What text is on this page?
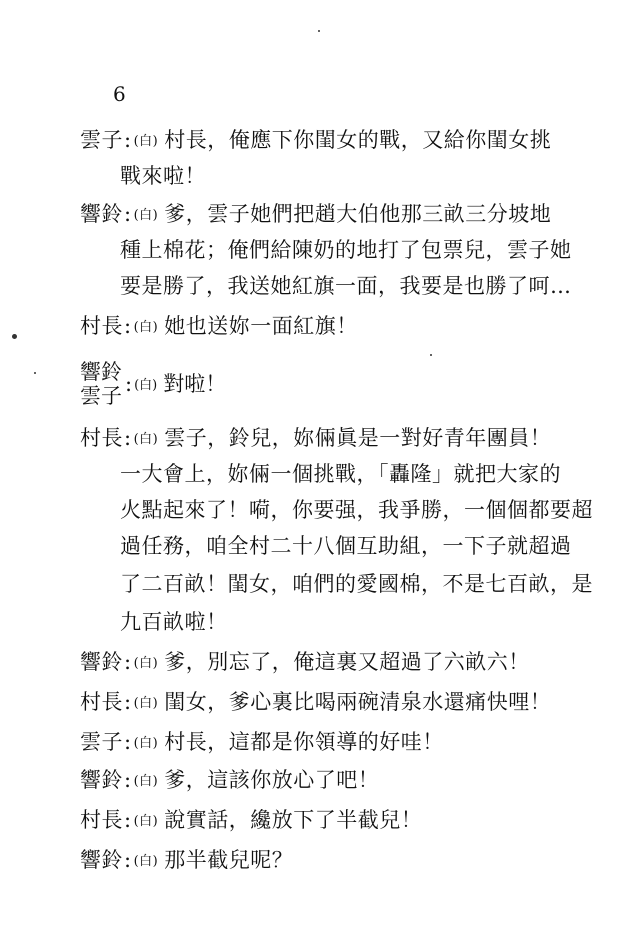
6
雲子: (白) 村長，俺應下你閨女的戰，又給你閨女挑
戰來啦！
響鈴: (白) 爹，雲子她們把趙大伯他那三畝三分坡地
種上棉花；俺們給陳奶的地打了包票兒，雲子她
要是勝了，我送她紅旗一面，我要是也勝了呵…
村長: (白) 她也送妳一面紅旗！
響鈴
雲子 : (白) 對啦！
村長: (白) 雲子，鈴兒，妳倆眞是一對好青年團員！
一大會上，妳倆一個挑戰，「轟隆」就把大家的
火點起來了！嗬，你要强，我爭勝，一個個都要超
過任務，咱全村二十八個互助組，一下子就超過
了二百畝！閨女，咱們的愛國棉，不是七百畝，是
九百畝啦！
響鈴: (白) 爹，別忘了，俺這裏又超過了六畝六！
村長: (白) 閨女，爹心裏比喝兩碗清泉水還痛快哩！
雲子: (白) 村長，這都是你領導的好哇！
響鈴: (白) 爹，這該你放心了吧！
村長: (白) 說實話，纔放下了半截兒！
響鈴: (白) 那半截兒呢？
